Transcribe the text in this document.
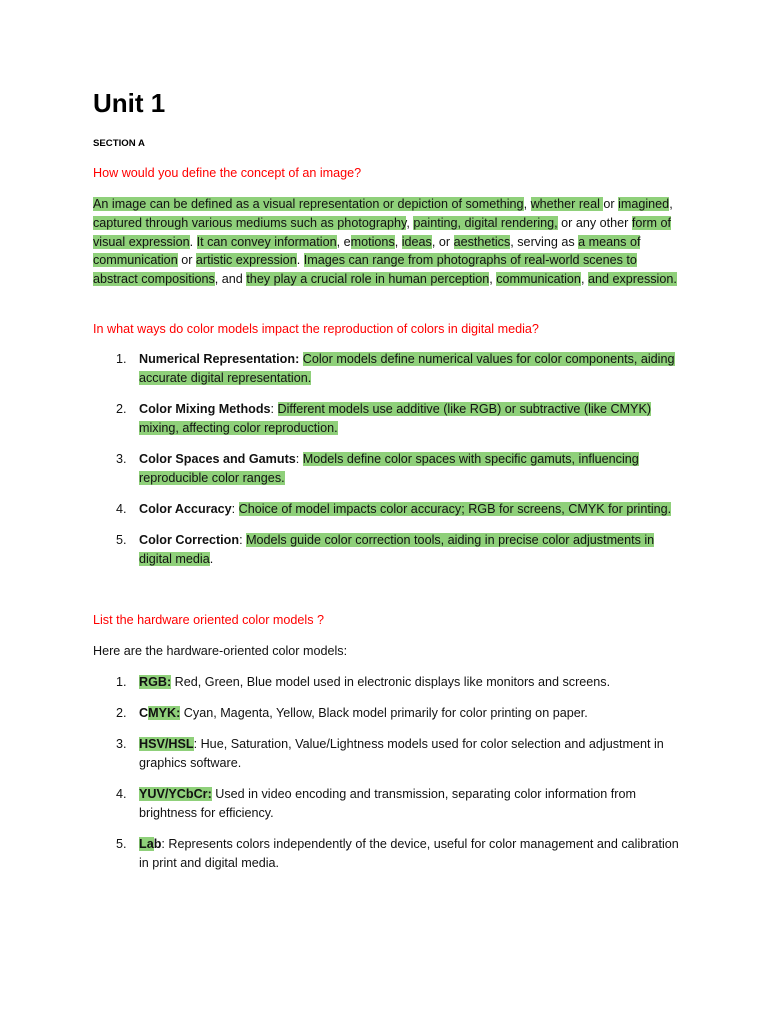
Unit 1
SECTION A

How would you define the concept of an image?

An image can be defined as a visual representation or depiction of something, whether real or imagined, captured through various mediums such as photography, painting, digital rendering, or any other form of visual expression. It can convey information, emotions, ideas, or aesthetics, serving as a means of communication or artistic expression. Images can range from photographs of real-world scenes to abstract compositions, and they play a crucial role in human perception, communication, and expression.

In what ways do color models impact the reproduction of colors in digital media?

1. Numerical Representation: Color models define numerical values for color components, aiding accurate digital representation.
2. Color Mixing Methods: Different models use additive (like RGB) or subtractive (like CMYK) mixing, affecting color reproduction.
3. Color Spaces and Gamuts: Models define color spaces with specific gamuts, influencing reproducible color ranges.
4. Color Accuracy: Choice of model impacts color accuracy; RGB for screens, CMYK for printing.
5. Color Correction: Models guide color correction tools, aiding in precise color adjustments in digital media.

List the hardware oriented color models ?

Here are the hardware-oriented color models:

1. RGB: Red, Green, Blue model used in electronic displays like monitors and screens.
2. CMYK: Cyan, Magenta, Yellow, Black model primarily for color printing on paper.
3. HSV/HSL: Hue, Saturation, Value/Lightness models used for color selection and adjustment in graphics software.
4. YUV/YCbCr: Used in video encoding and transmission, separating color information from brightness for efficiency.
5. Lab: Represents colors independently of the device, useful for color management and calibration in print and digital media.
